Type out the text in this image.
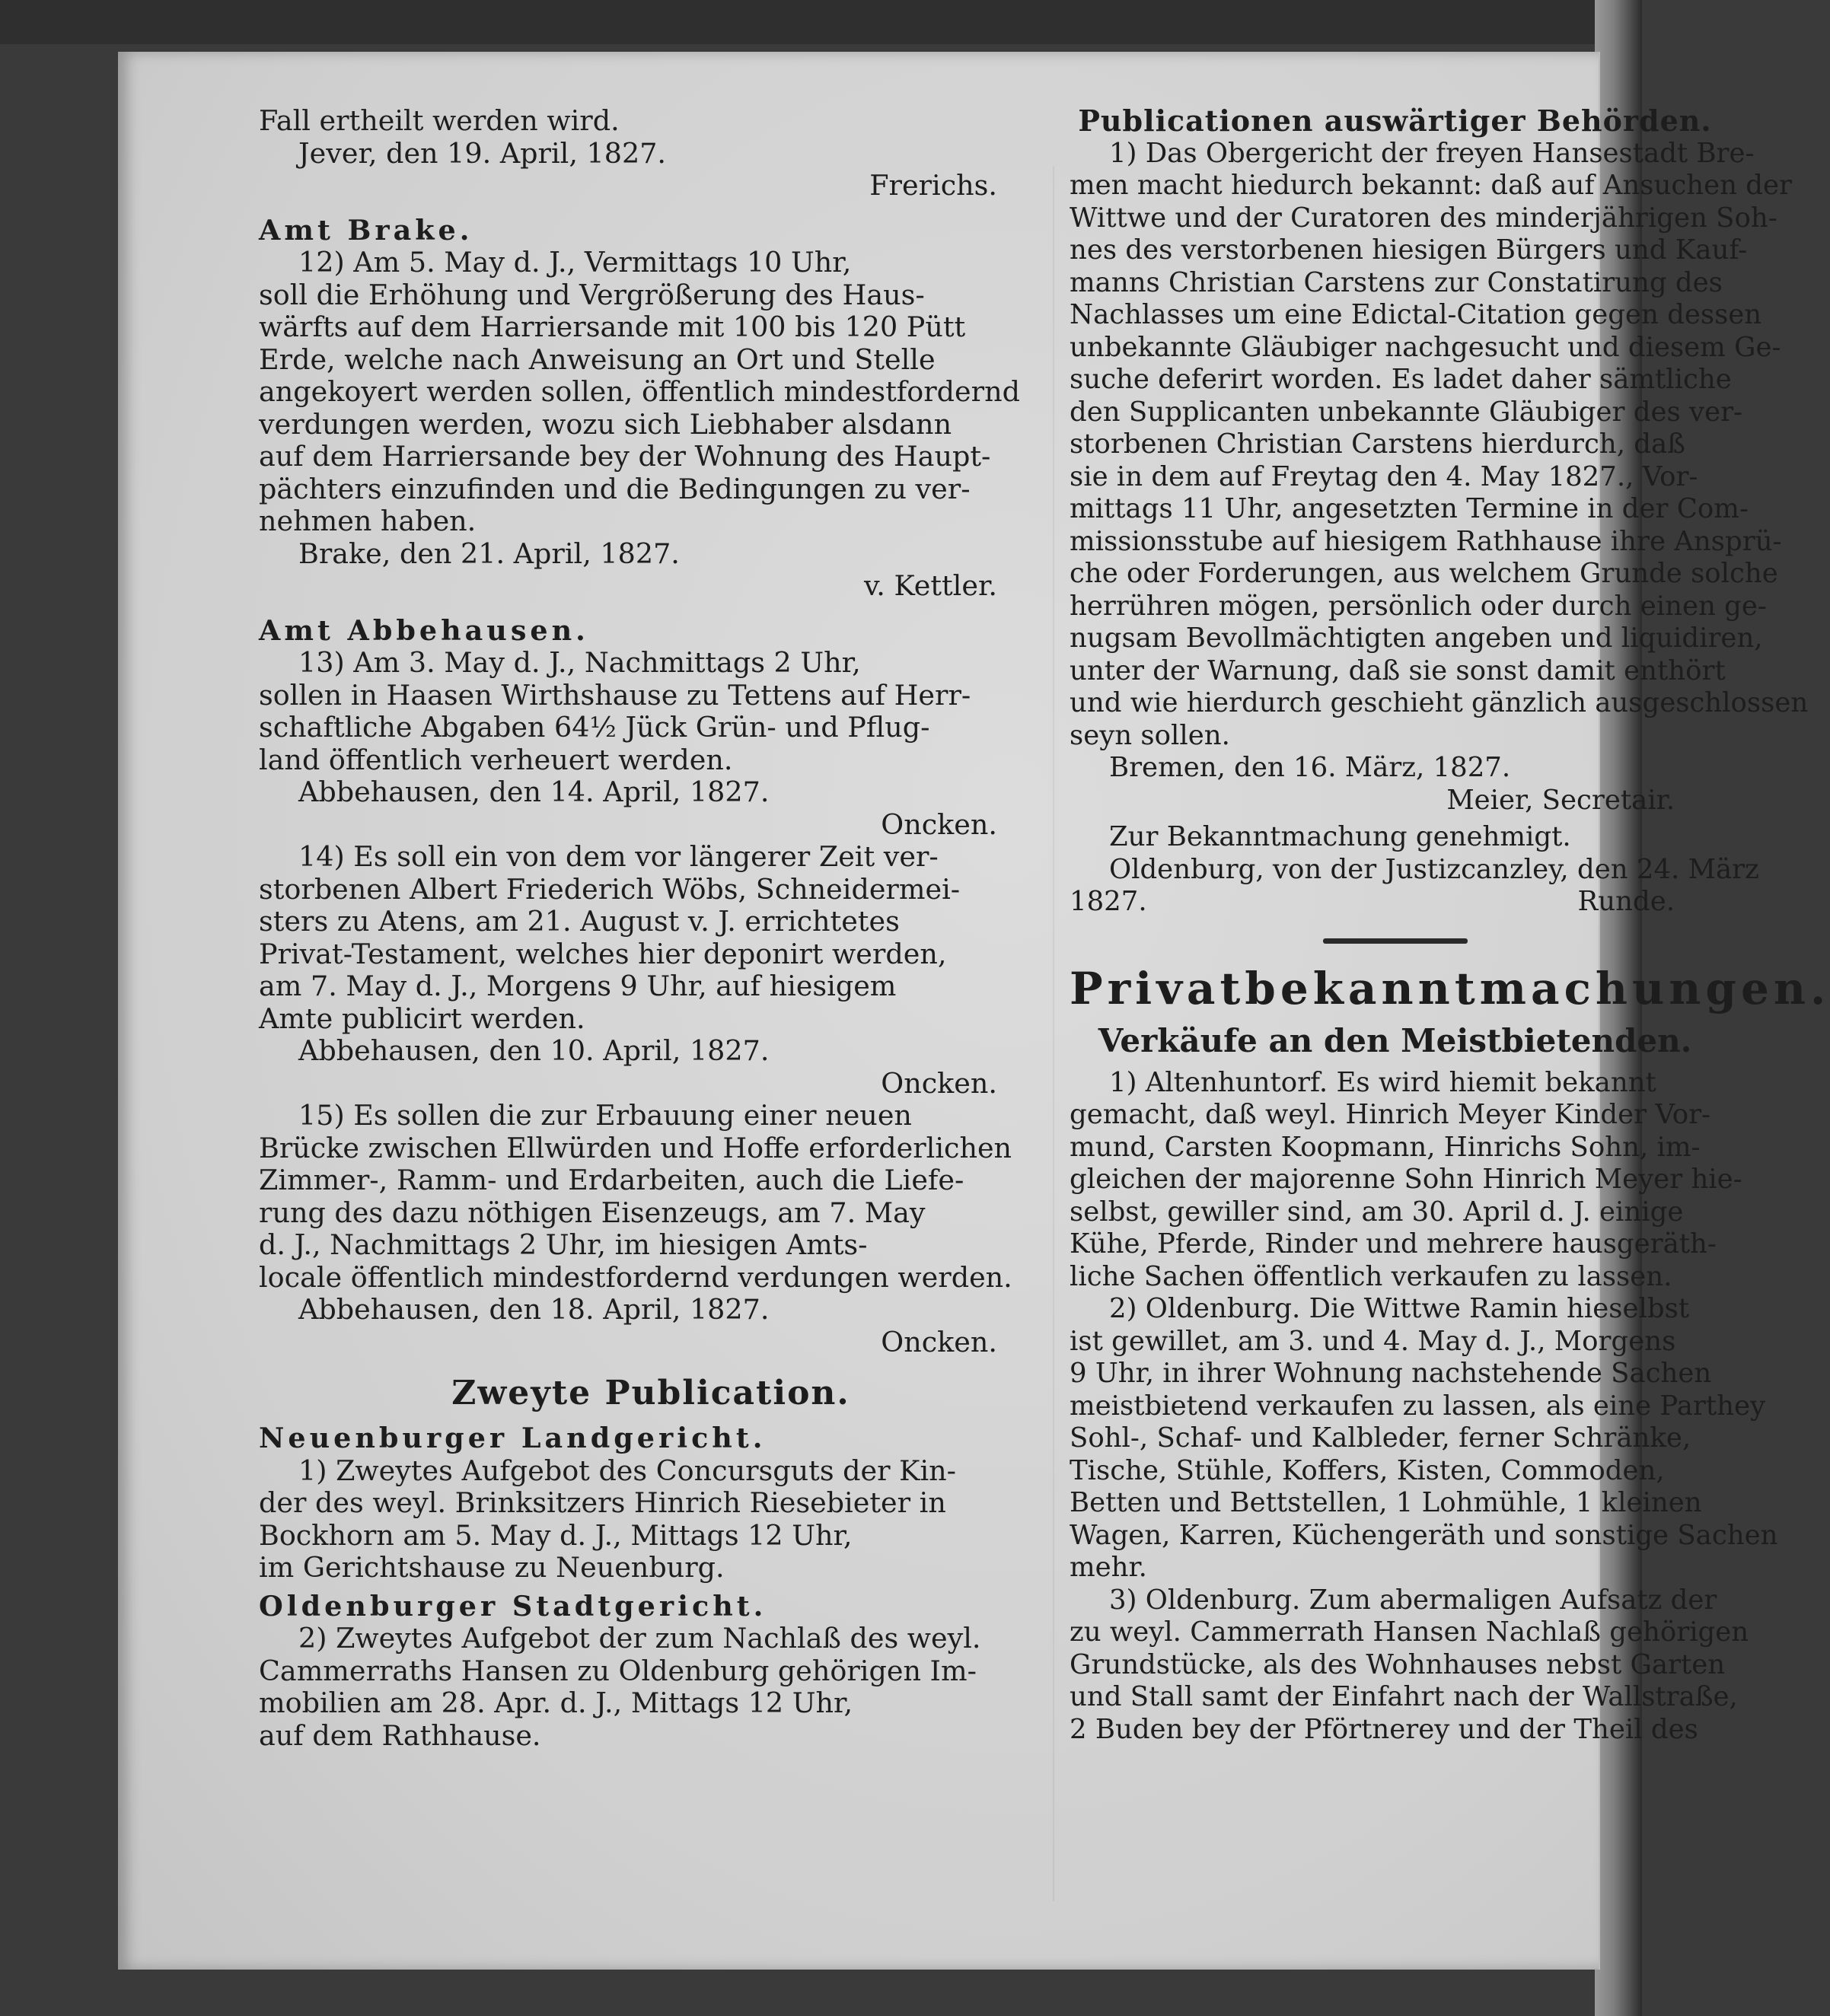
Fall ertheilt werden wird.
Jever, den 19. April, 1827.
Frerichs.
Amt Brake.
12) Am 5. May d. J., Vermittags 10 Uhr,
soll die Erhöhung und Vergrößerung des Haus-
wärfts auf dem Harriersande mit 100 bis 120 Pütt
Erde, welche nach Anweisung an Ort und Stelle
angekoyert werden sollen, öffentlich mindestfordernd
verdungen werden, wozu sich Liebhaber alsdann
auf dem Harriersande bey der Wohnung des Haupt-
pächters einzufinden und die Bedingungen zu ver-
nehmen haben.
Brake, den 21. April, 1827.
v. Kettler.
Amt Abbehausen.
13) Am 3. May d. J., Nachmittags 2 Uhr,
sollen in Haasen Wirthshause zu Tettens auf Herr-
schaftliche Abgaben 64½ Jück Grün- und Pflug-
land öffentlich verheuert werden.
Abbehausen, den 14. April, 1827.
Oncken.
14) Es soll ein von dem vor längerer Zeit ver-
storbenen Albert Friederich Wöbs, Schneidermei-
sters zu Atens, am 21. August v. J. errichtetes
Privat-Testament, welches hier deponirt werden,
am 7. May d. J., Morgens 9 Uhr, auf hiesigem
Amte publicirt werden.
Abbehausen, den 10. April, 1827.
Oncken.
15) Es sollen die zur Erbauung einer neuen
Brücke zwischen Ellwürden und Hoffe erforderlichen
Zimmer-, Ramm- und Erdarbeiten, auch die Liefe-
rung des dazu nöthigen Eisenzeugs, am 7. May
d. J., Nachmittags 2 Uhr, im hiesigen Amts-
locale öffentlich mindestfordernd verdungen werden.
Abbehausen, den 18. April, 1827.
Oncken.
Zweyte Publication.
Neuenburger Landgericht.
1) Zweytes Aufgebot des Concursguts der Kin-
der des weyl. Brinksitzers Hinrich Riesebieter in
Bockhorn am 5. May d. J., Mittags 12 Uhr,
im Gerichtshause zu Neuenburg.
Oldenburger Stadtgericht.
2) Zweytes Aufgebot der zum Nachlaß des weyl.
Cammerraths Hansen zu Oldenburg gehörigen Im-
mobilien am 28. Apr. d. J., Mittags 12 Uhr,
auf dem Rathhause.
Publicationen auswärtiger Behörden.
1) Das Obergericht der freyen Hansestadt Bre-
men macht hiedurch bekannt: daß auf Ansuchen der
Wittwe und der Curatoren des minderjährigen Soh-
nes des verstorbenen hiesigen Bürgers und Kauf-
manns Christian Carstens zur Constatirung des
Nachlasses um eine Edictal-Citation gegen dessen
unbekannte Gläubiger nachgesucht und diesem Ge-
suche deferirt worden. Es ladet daher sämtliche
den Supplicanten unbekannte Gläubiger des ver-
storbenen Christian Carstens hierdurch, daß
sie in dem auf Freytag den 4. May 1827., Vor-
mittags 11 Uhr, angesetzten Termine in der Com-
missionsstube auf hiesigem Rathhause ihre Ansprü-
che oder Forderungen, aus welchem Grunde solche
herrühren mögen, persönlich oder durch einen ge-
nugsam Bevollmächtigten angeben und liquidiren,
unter der Warnung, daß sie sonst damit enthört
und wie hierdurch geschieht gänzlich ausgeschlossen
seyn sollen.
Bremen, den 16. März, 1827.
Meier, Secretair.
Zur Bekanntmachung genehmigt.
Oldenburg, von der Justizcanzley, den 24. März
1827.	Runde.
Privatbekanntmachungen.
Verkäufe an den Meistbietenden.
1) Altenhuntorf. Es wird hiemit bekannt
gemacht, daß weyl. Hinrich Meyer Kinder Vor-
mund, Carsten Koopmann, Hinrichs Sohn, im-
gleichen der majorenne Sohn Hinrich Meyer hie-
selbst, gewiller sind, am 30. April d. J. einige
Kühe, Pferde, Rinder und mehrere hausgeräth-
liche Sachen öffentlich verkaufen zu lassen.
2) Oldenburg. Die Wittwe Ramin hieselbst
ist gewillet, am 3. und 4. May d. J., Morgens
9 Uhr, in ihrer Wohnung nachstehende Sachen
meistbietend verkaufen zu lassen, als eine Parthey
Sohl-, Schaf- und Kalbleder, ferner Schränke,
Tische, Stühle, Koffers, Kisten, Commoden,
Betten und Bettstellen, 1 Lohmühle, 1 kleinen
Wagen, Karren, Küchengeräth und sonstige Sachen
mehr.
3) Oldenburg. Zum abermaligen Aufsatz der
zu weyl. Cammerrath Hansen Nachlaß gehörigen
Grundstücke, als des Wohnhauses nebst Garten
und Stall samt der Einfahrt nach der Wallstraße,
2 Buden bey der Pförtnerey und der Theil des
